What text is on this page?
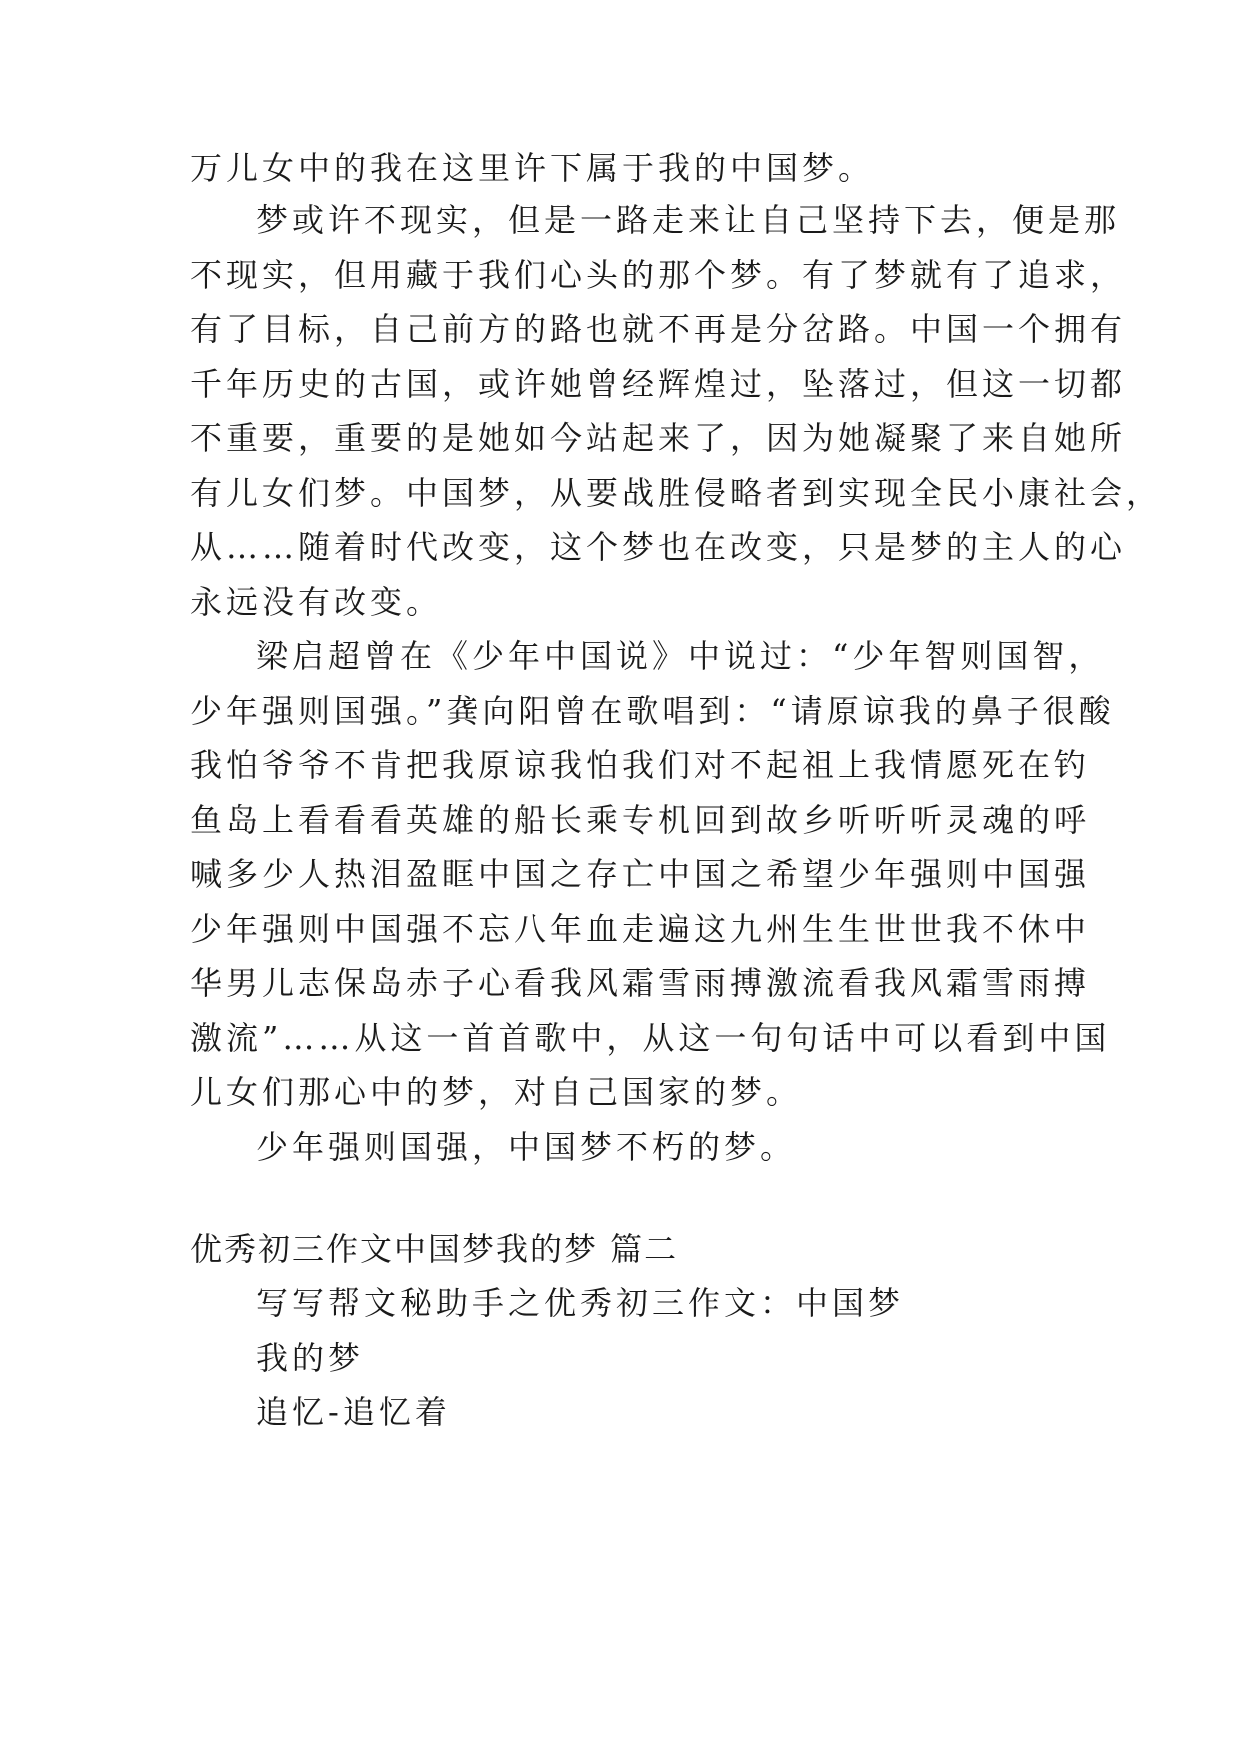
万儿女中的我在这里许下属于我的中国梦。
梦或许不现实，但是一路走来让自己坚持下去，便是那
不现实，但用藏于我们心头的那个梦。有了梦就有了追求，
有了目标，自己前方的路也就不再是分岔路。中国一个拥有
千年历史的古国，或许她曾经辉煌过，坠落过，但这一切都
不重要，重要的是她如今站起来了，因为她凝聚了来自她所
有儿女们梦。中国梦，从要战胜侵略者到实现全民小康社会，
从……随着时代改变，这个梦也在改变，只是梦的主人的心
永远没有改变。
梁启超曾在《少年中国说》中说过：“少年智则国智，
少年强则国强。”龚向阳曾在歌唱到：“请原谅我的鼻子很酸
我怕爷爷不肯把我原谅我怕我们对不起祖上我情愿死在钓
鱼岛上看看看英雄的船长乘专机回到故乡听听听灵魂的呼
喊多少人热泪盈眶中国之存亡中国之希望少年强则中国强
少年强则中国强不忘八年血走遍这九州生生世世我不休中
华男儿志保岛赤子心看我风霜雪雨搏激流看我风霜雪雨搏
激流”……从这一首首歌中，从这一句句话中可以看到中国
儿女们那心中的梦，对自己国家的梦。
少年强则国强，中国梦不朽的梦。
优秀初三作文中国梦我的梦 篇二
写写帮文秘助手之优秀初三作文：中国梦
我的梦
追忆-追忆着
